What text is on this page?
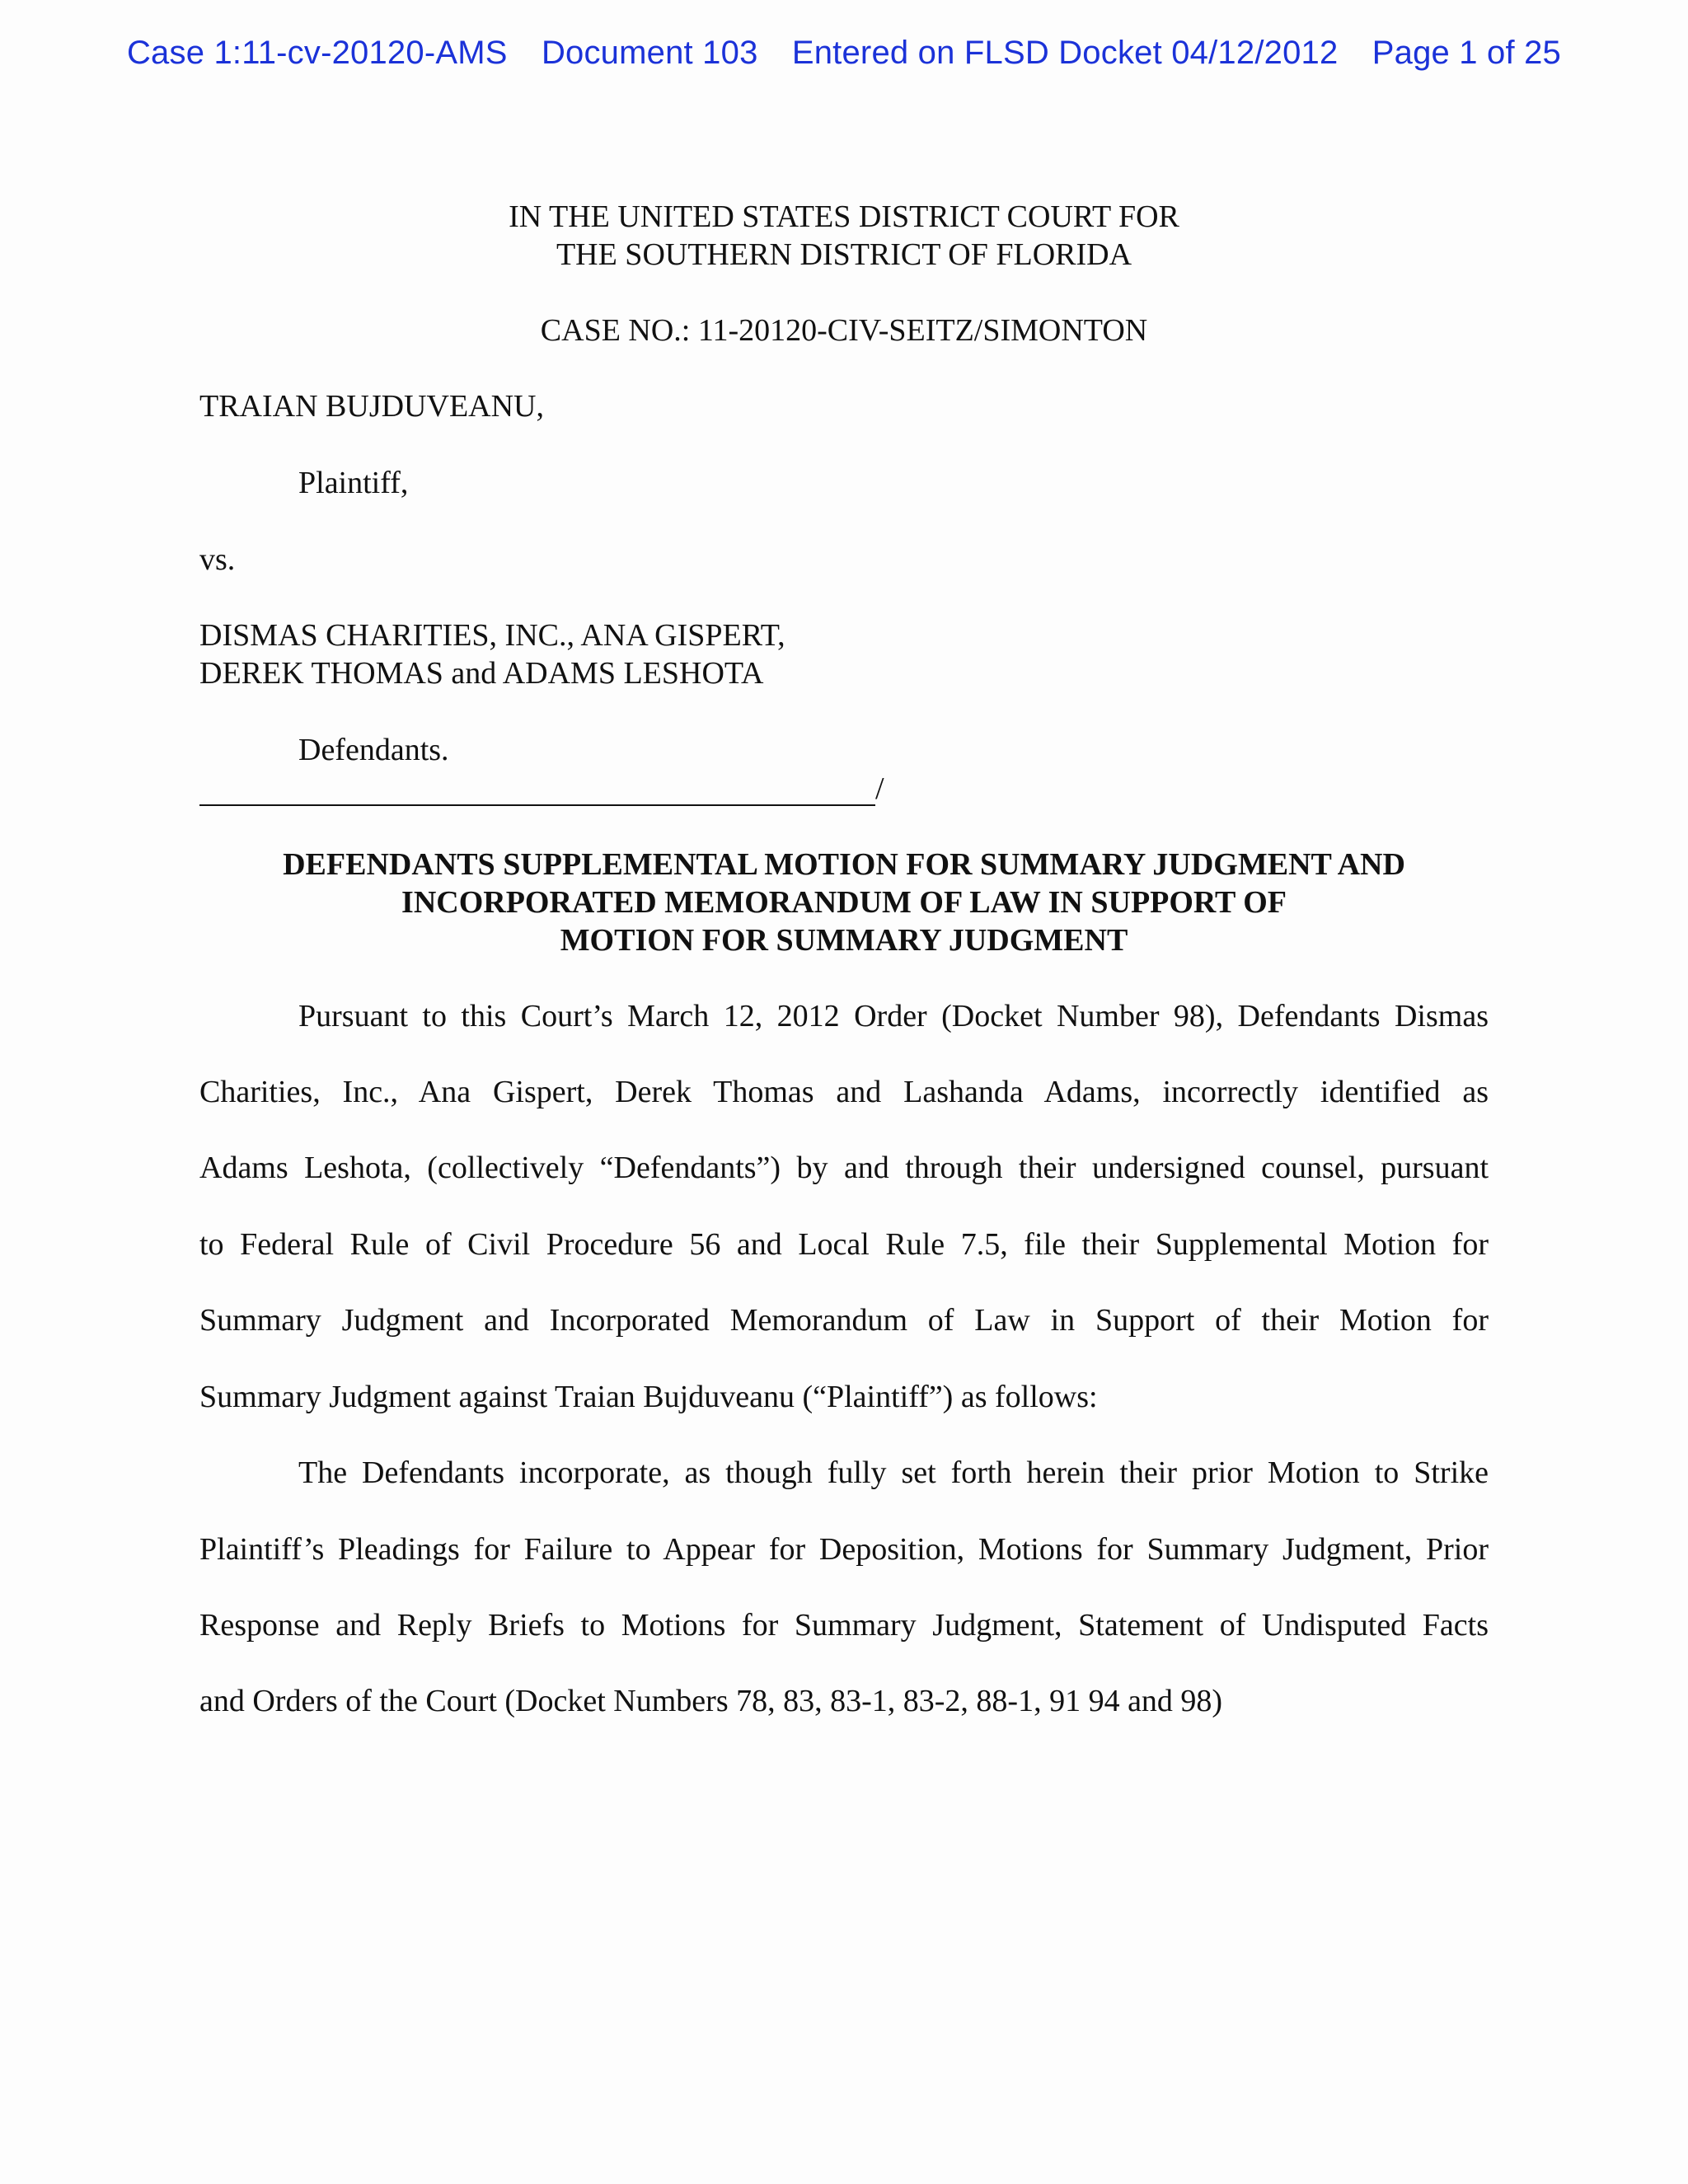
Case 1:11-cv-20120-AMS Document 103 Entered on FLSD Docket 04/12/2012 Page 1 of 25
IN THE UNITED STATES DISTRICT COURT FOR
THE SOUTHERN DISTRICT OF FLORIDA
CASE NO.: 11-20120-CIV-SEITZ/SIMONTON
TRAIAN BUJDUVEANU,
Plaintiff,
vs.
DISMAS CHARITIES, INC., ANA GISPERT,
DEREK THOMAS and ADAMS LESHOTA
Defendants.
/
DEFENDANTS SUPPLEMENTAL MOTION FOR SUMMARY JUDGMENT AND
INCORPORATED MEMORANDUM OF LAW IN SUPPORT OF
MOTION FOR SUMMARY JUDGMENT
Pursuant to this Court’s March 12, 2012 Order (Docket Number 98), Defendants Dismas
Charities, Inc., Ana Gispert, Derek Thomas and Lashanda Adams, incorrectly identified as
Adams Leshota, (collectively “Defendants”) by and through their undersigned counsel, pursuant
to Federal Rule of Civil Procedure 56 and Local Rule 7.5, file their Supplemental Motion for
Summary Judgment and Incorporated Memorandum of Law in Support of their Motion for
Summary Judgment against Traian Bujduveanu (“Plaintiff”) as follows:
The Defendants incorporate, as though fully set forth herein their prior Motion to Strike
Plaintiff’s Pleadings for Failure to Appear for Deposition, Motions for Summary Judgment, Prior
Response and Reply Briefs to Motions for Summary Judgment, Statement of Undisputed Facts
and Orders of the Court (Docket Numbers 78, 83, 83-1, 83-2, 88-1, 91 94 and 98)
